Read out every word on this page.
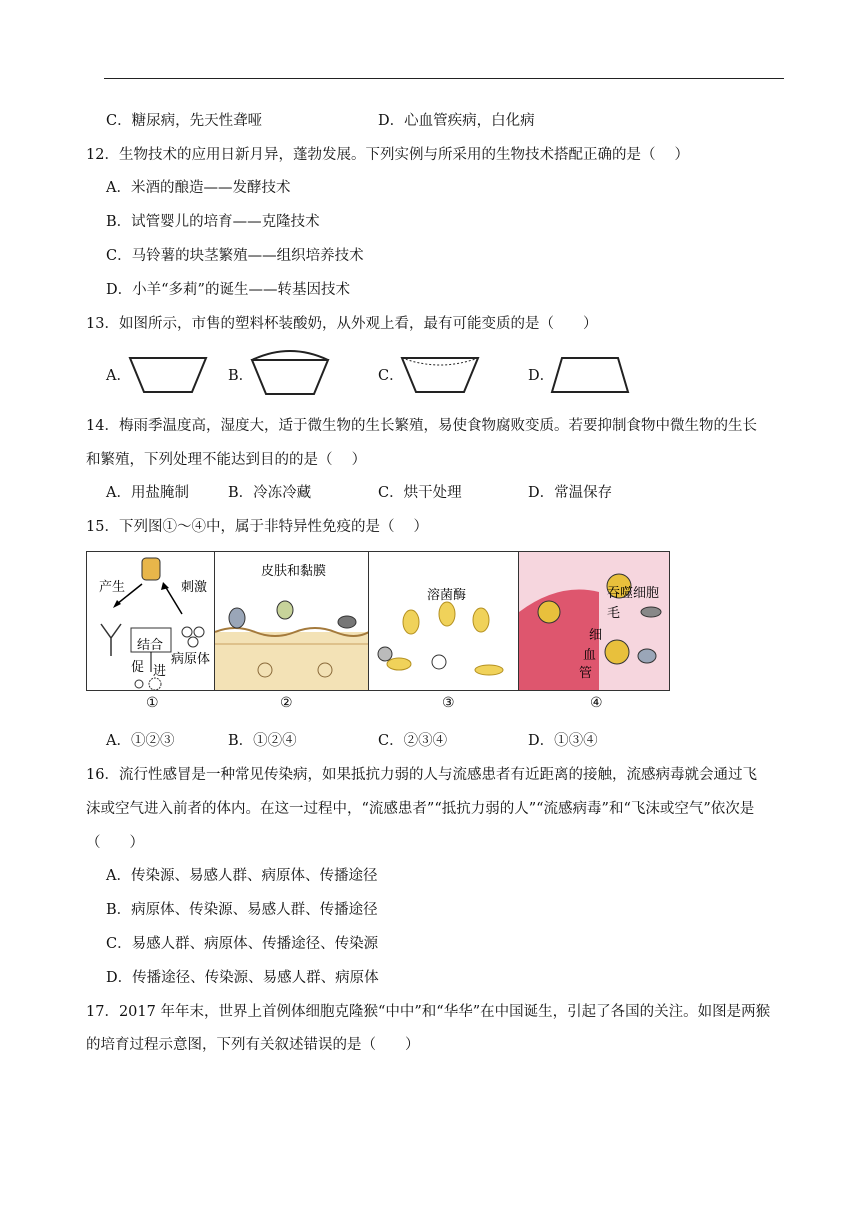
C．糖尿病，先天性聋哑	D．心血管疾病，白化病
12．生物技术的应用日新月异，蓬勃发展。下列实例与所采用的生物技术搭配正确的是（　 ）
A．米酒的酿造——发酵技术
B．试管婴儿的培育——克隆技术
C．马铃薯的块茎繁殖——组织培养技术
D．小羊“多莉”的诞生——转基因技术
13．如图所示，市售的塑料杯装酸奶，从外观上看，最有可能变质的是（　　）
A．	B．	C．	D．
14．梅雨季温度高，湿度大，适于微生物的生长繁殖，易使食物腐败变质。若要抑制食物中微生物的生长
和繁殖，下列处理不能达到目的的是（　 ）
A．用盐腌制	B．冷冻冷藏	C．烘干处理	D．常温保存
15．下列图①～④中，属于非特异性免疫的是（　 ）
产生	刺激
结合
病原体
促 进
皮肤和黏膜
溶菌酶	吞噬细胞
毛
细
血
管
①	②	③	④
A．①②③	B．①②④	C．②③④	D．①③④
16．流行性感冒是一种常见传染病，如果抵抗力弱的人与流感患者有近距离的接触，流感病毒就会通过飞
沫或空气进入前者的体内。在这一过程中，“流感患者”“抵抗力弱的人”“流感病毒”和“飞沫或空气”依次是
（　　）
A．传染源、易感人群、病原体、传播途径
B．病原体、传染源、易感人群、传播途径
C．易感人群、病原体、传播途径、传染源
D．传播途径、传染源、易感人群、病原体
17．2017 年年末，世界上首例体细胞克隆猴“中中”和“华华”在中国诞生，引起了各国的关注。如图是两猴
的培育过程示意图，下列有关叙述错误的是（　　）
